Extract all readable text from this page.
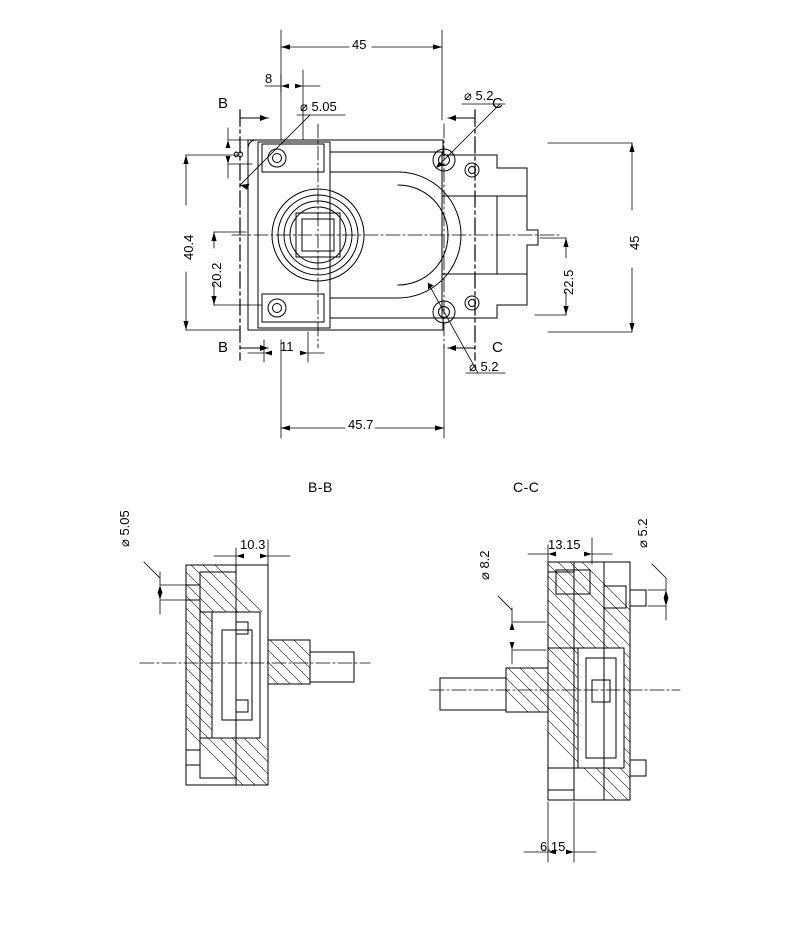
45
8
8
⌀ 5.05
⌀ 5.2
⌀ 5.2
40.4
20.2
45
22.5
11
45.7
B
B
C
C
B-B	C-C
10.3
⌀ 5.05	13.15	⌀ 5.2
⌀ 8.2
6.15
